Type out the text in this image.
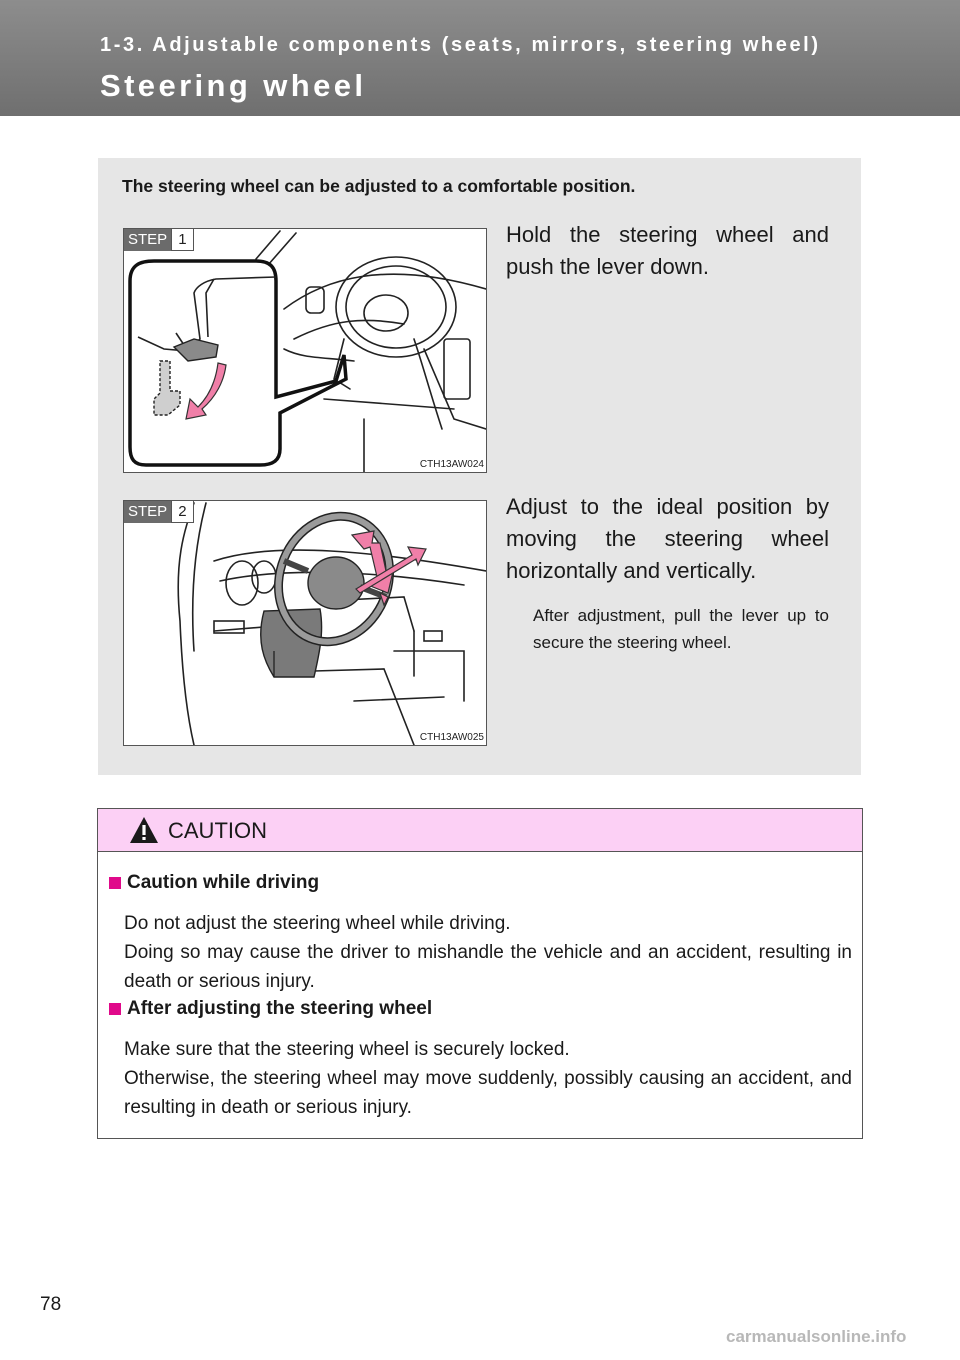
1-3. Adjustable components (seats, mirrors, steering wheel)
Steering wheel

The steering wheel can be adjusted to a comfortable position.

STEP 1
CTH13AW024

Hold the steering wheel and push the lever down.

STEP 2
CTH13AW025

Adjust to the ideal position by moving the steering wheel horizontally and vertically.

After adjustment, pull the lever up to secure the steering wheel.

CAUTION
Caution while driving

Do not adjust the steering wheel while driving.

Doing so may cause the driver to mishandle the vehicle and an accident, resulting in death or serious injury.

After adjusting the steering wheel

Make sure that the steering wheel is securely locked.

Otherwise, the steering wheel may move suddenly, possibly causing an accident, and resulting in death or serious injury.

78
carmanualsonline.info
